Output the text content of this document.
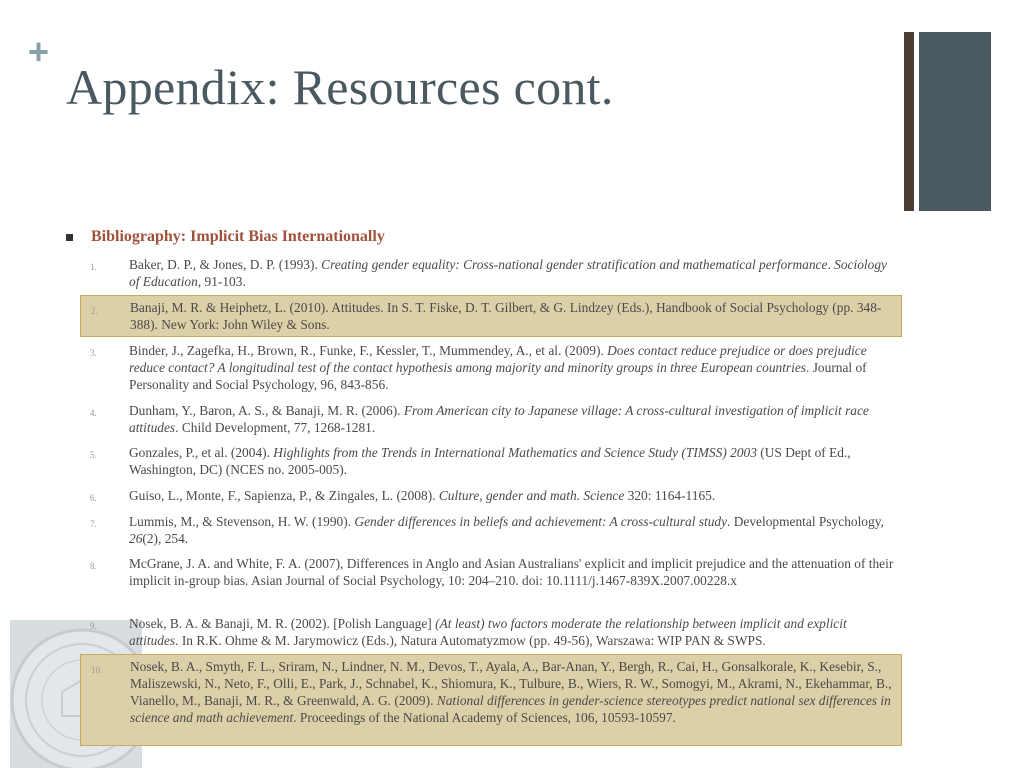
+
Appendix: Resources cont.
Bibliography: Implicit Bias Internationally
1. Baker, D. P., & Jones, D. P. (1993). Creating gender equality: Cross-national gender stratification and mathematical performance. Sociology of Education, 91-103.
2. Banaji, M. R. & Heiphetz, L. (2010). Attitudes. In S. T. Fiske, D. T. Gilbert, & G. Lindzey (Eds.), Handbook of Social Psychology (pp. 348-388). New York: John Wiley & Sons.
3. Binder, J., Zagefka, H., Brown, R., Funke, F., Kessler, T., Mummendey, A., et al. (2009). Does contact reduce prejudice or does prejudice reduce contact? A longitudinal test of the contact hypothesis among majority and minority groups in three European countries. Journal of Personality and Social Psychology, 96, 843-856.
4. Dunham, Y., Baron, A. S., & Banaji, M. R. (2006). From American city to Japanese village: A cross-cultural investigation of implicit race attitudes. Child Development, 77, 1268-1281.
5. Gonzales, P., et al. (2004). Highlights from the Trends in International Mathematics and Science Study (TIMSS) 2003 (US Dept of Ed., Washington, DC) (NCES no. 2005-005).
6. Guiso, L., Monte, F., Sapienza, P., & Zingales, L. (2008). Culture, gender and math. Science 320: 1164-1165.
7. Lummis, M., & Stevenson, H. W. (1990). Gender differences in beliefs and achievement: A cross-cultural study. Developmental Psychology, 26(2), 254.
8. McGrane, J. A. and White, F. A. (2007), Differences in Anglo and Asian Australians' explicit and implicit prejudice and the attenuation of their implicit in-group bias. Asian Journal of Social Psychology, 10: 204–210. doi: 10.1111/j.1467-839X.2007.00228.x
9. Nosek, B. A. & Banaji, M. R. (2002). [Polish Language] (At least) two factors moderate the relationship between implicit and explicit attitudes. In R.K. Ohme & M. Jarymowicz (Eds.), Natura Automatyzmow (pp. 49-56), Warszawa: WIP PAN & SWPS.
10. Nosek, B. A., Smyth, F. L., Sriram, N., Lindner, N. M., Devos, T., Ayala, A., Bar-Anan, Y., Bergh, R., Cai, H., Gonsalkorale, K., Kesebir, S., Maliszewski, N., Neto, F., Olli, E., Park, J., Schnabel, K., Shiomura, K., Tulbure, B., Wiers, R. W., Somogyi, M., Akrami, N., Ekehammar, B., Vianello, M., Banaji, M. R., & Greenwald, A. G. (2009). National differences in gender-science stereotypes predict national sex differences in science and math achievement. Proceedings of the National Academy of Sciences, 106, 10593-10597.
